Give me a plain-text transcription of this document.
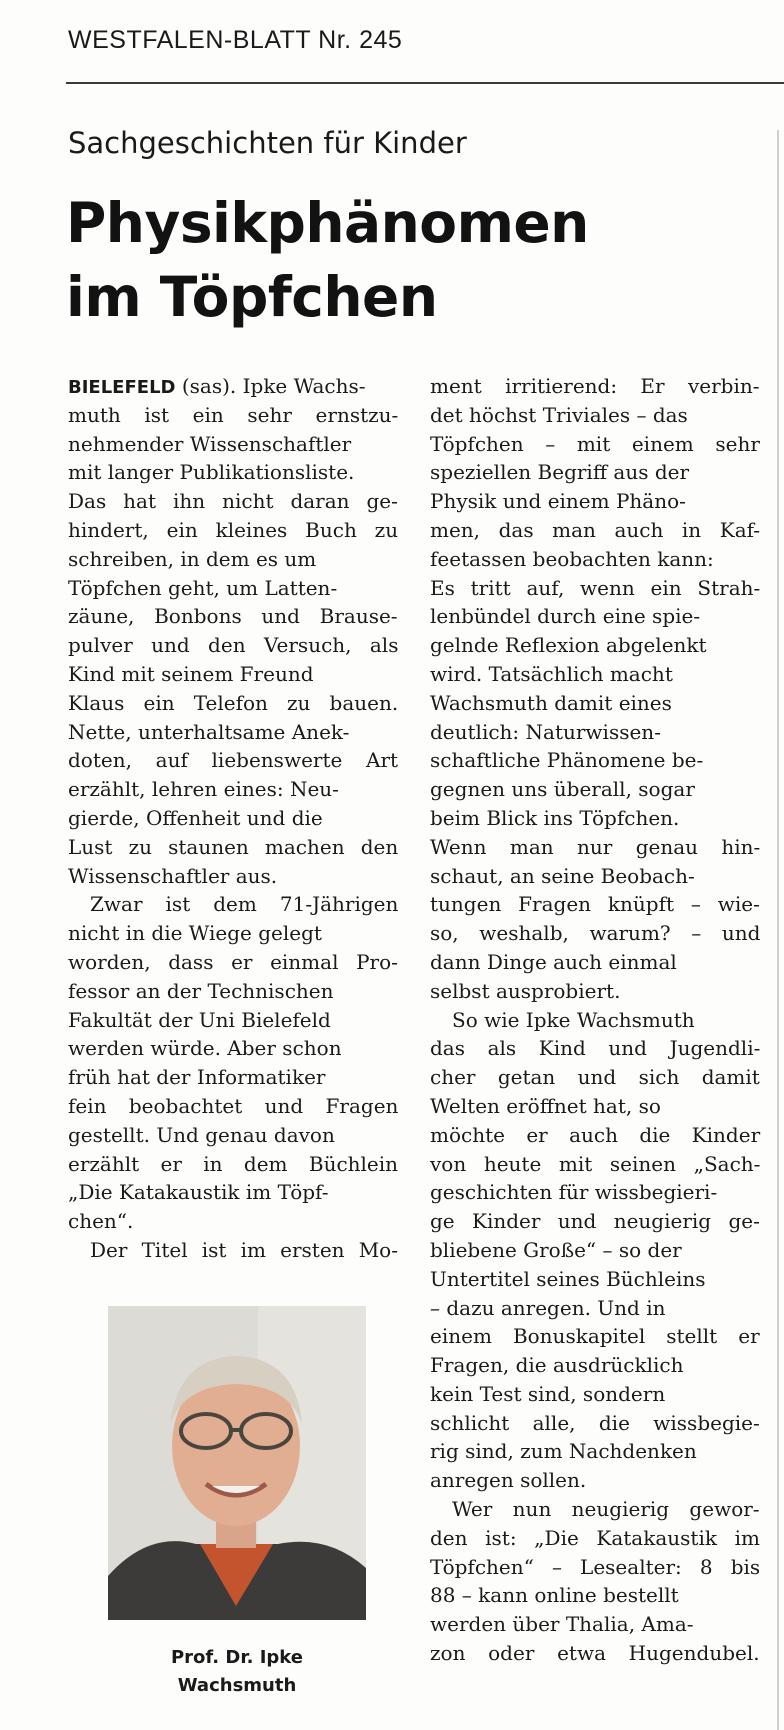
WESTFALEN-BLATT Nr. 245
Sachgeschichten für Kinder
Physikphänomen
im Töpfchen
BIELEFELD (sas). Ipke Wachs-
muth ist ein sehr ernstzu-
nehmender Wissenschaftler
mit langer Publikationsliste.
Das hat ihn nicht daran ge-
hindert, ein kleines Buch zu
schreiben, in dem es um
Töpfchen geht, um Latten-
zäune, Bonbons und Brause-
pulver und den Versuch, als
Kind mit seinem Freund
Klaus ein Telefon zu bauen.
Nette, unterhaltsame Anek-
doten, auf liebenswerte Art
erzählt, lehren eines: Neu-
gierde, Offenheit und die
Lust zu staunen machen den
Wissenschaftler aus.
Zwar ist dem 71-Jährigen
nicht in die Wiege gelegt
worden, dass er einmal Pro-
fessor an der Technischen
Fakultät der Uni Bielefeld
werden würde. Aber schon
früh hat der Informatiker
fein beobachtet und Fragen
gestellt. Und genau davon
erzählt er in dem Büchlein
„Die Katakaustik im Töpf-
chen“.
Der Titel ist im ersten Mo-
ment irritierend: Er verbin-
det höchst Triviales – das
Töpfchen – mit einem sehr
speziellen Begriff aus der
Physik und einem Phäno-
men, das man auch in Kaf-
feetassen beobachten kann:
Es tritt auf, wenn ein Strah-
lenbündel durch eine spie-
gelnde Reflexion abgelenkt
wird. Tatsächlich macht
Wachsmuth damit eines
deutlich: Naturwissen-
schaftliche Phänomene be-
gegnen uns überall, sogar
beim Blick ins Töpfchen.
Wenn man nur genau hin-
schaut, an seine Beobach-
tungen Fragen knüpft – wie-
so, weshalb, warum? – und
dann Dinge auch einmal
selbst ausprobiert.
So wie Ipke Wachsmuth
das als Kind und Jugendli-
cher getan und sich damit
Welten eröffnet hat, so
möchte er auch die Kinder
von heute mit seinen „Sach-
geschichten für wissbegieri-
ge Kinder und neugierig ge-
bliebene Große“ – so der
Untertitel seines Büchleins
– dazu anregen. Und in
einem Bonuskapitel stellt er
Fragen, die ausdrücklich
kein Test sind, sondern
schlicht alle, die wissbegie-
rig sind, zum Nachdenken
anregen sollen.
Wer nun neugierig gewor-
den ist: „Die Katakaustik im
Töpfchen“ – Lesealter: 8 bis
88 – kann online bestellt
werden über Thalia, Ama-
zon oder etwa Hugendubel.
Prof. Dr. Ipke
Wachsmuth
